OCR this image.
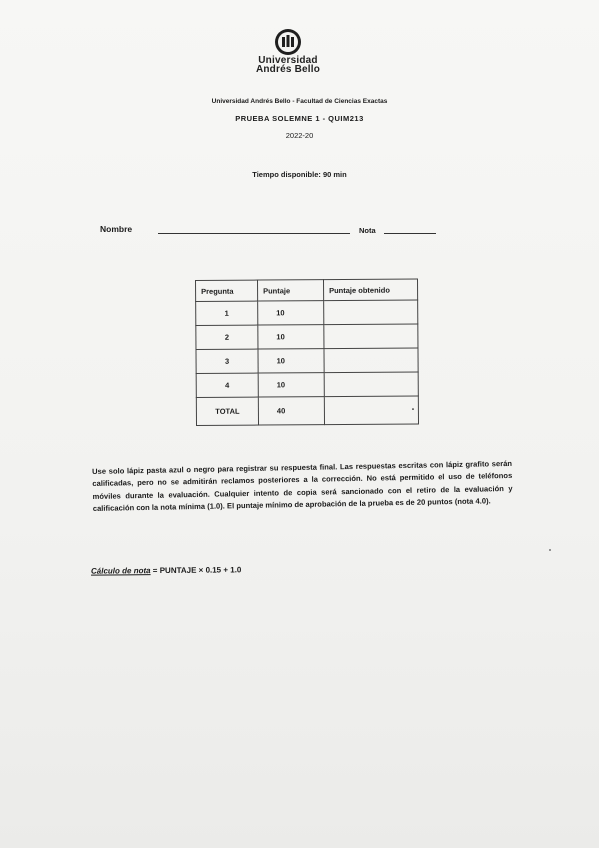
Universidad
Andrés Bello
Universidad Andrés Bello - Facultad de Ciencias Exactas
PRUEBA SOLEMNE 1 - QUIM213
2022-20
Tiempo disponible: 90 min
Nombre	Nota
Pregunta	Puntaje	Puntaje obtenido
1	10	
2	10	
3	10	
4	10	
TOTAL	40	·
Use solo lápiz pasta azul o negro para registrar su respuesta final. Las respuestas escritas con lápiz grafito serán calificadas, pero no se admitirán reclamos posteriores a la corrección. No está permitido el uso de teléfonos móviles durante la evaluación. Cualquier intento de copia será sancionado con el retiro de la evaluación y calificación con la nota mínima (1.0). El puntaje mínimo de aprobación de la prueba es de 20 puntos (nota 4.0).
Cálculo de nota = PUNTAJE × 0.15 + 1.0
